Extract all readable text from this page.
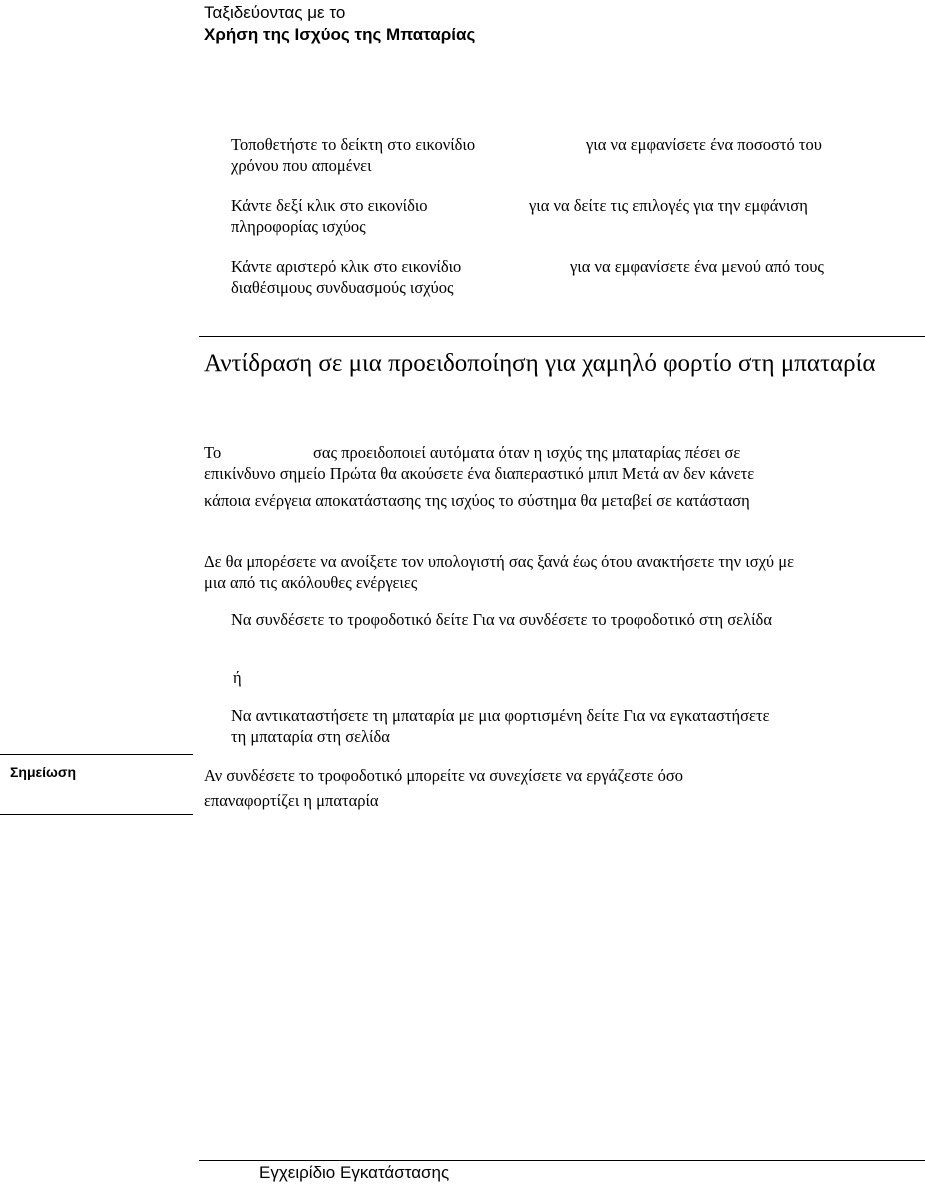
Ταξιδεύοντας με το
Χρήση της Ισχύος της Μπαταρίας
Τοποθετήστε το δείκτη στο εικονίδιο	για να εμφανίσετε ένα ποσοστό του
χρόνου που απομένει
Κάντε δεξί κλικ στο εικονίδιο	για να δείτε τις επιλογές για την εμφάνιση
πληροφορίας ισχύος
Κάντε αριστερό κλικ στο εικονίδιο	για να εμφανίσετε ένα μενού από τους
διαθέσιμους συνδυασμούς ισχύος
Αντίδραση σε μια προειδοποίηση για χαμηλό φορτίο στη μπαταρία
Το	σας προειδοποιεί αυτόματα όταν η ισχύς της μπαταρίας πέσει σε
επικίνδυνο σημείο Πρώτα θα ακούσετε ένα διαπεραστικό μπιπ Μετά αν δεν κάνετε
κάποια ενέργεια αποκατάστασης της ισχύος το σύστημα θα μεταβεί σε κατάσταση
Δε θα μπορέσετε να ανοίξετε τον υπολογιστή σας ξανά έως ότου ανακτήσετε την ισχύ με
μια από τις ακόλουθες ενέργειες
Να συνδέσετε το τροφοδοτικό δείτε Για να συνδέσετε το τροφοδοτικό στη σελίδα
ή
Να αντικαταστήσετε τη μπαταρία με μια φορτισμένη δείτε Για να εγκαταστήσετε
τη μπαταρία στη σελίδα
Σημείωση	Αν συνδέσετε το τροφοδοτικό μπορείτε να συνεχίσετε να εργάζεστε όσο
επαναφορτίζει η μπαταρία
Εγχειρίδιο Εγκατάστασης
